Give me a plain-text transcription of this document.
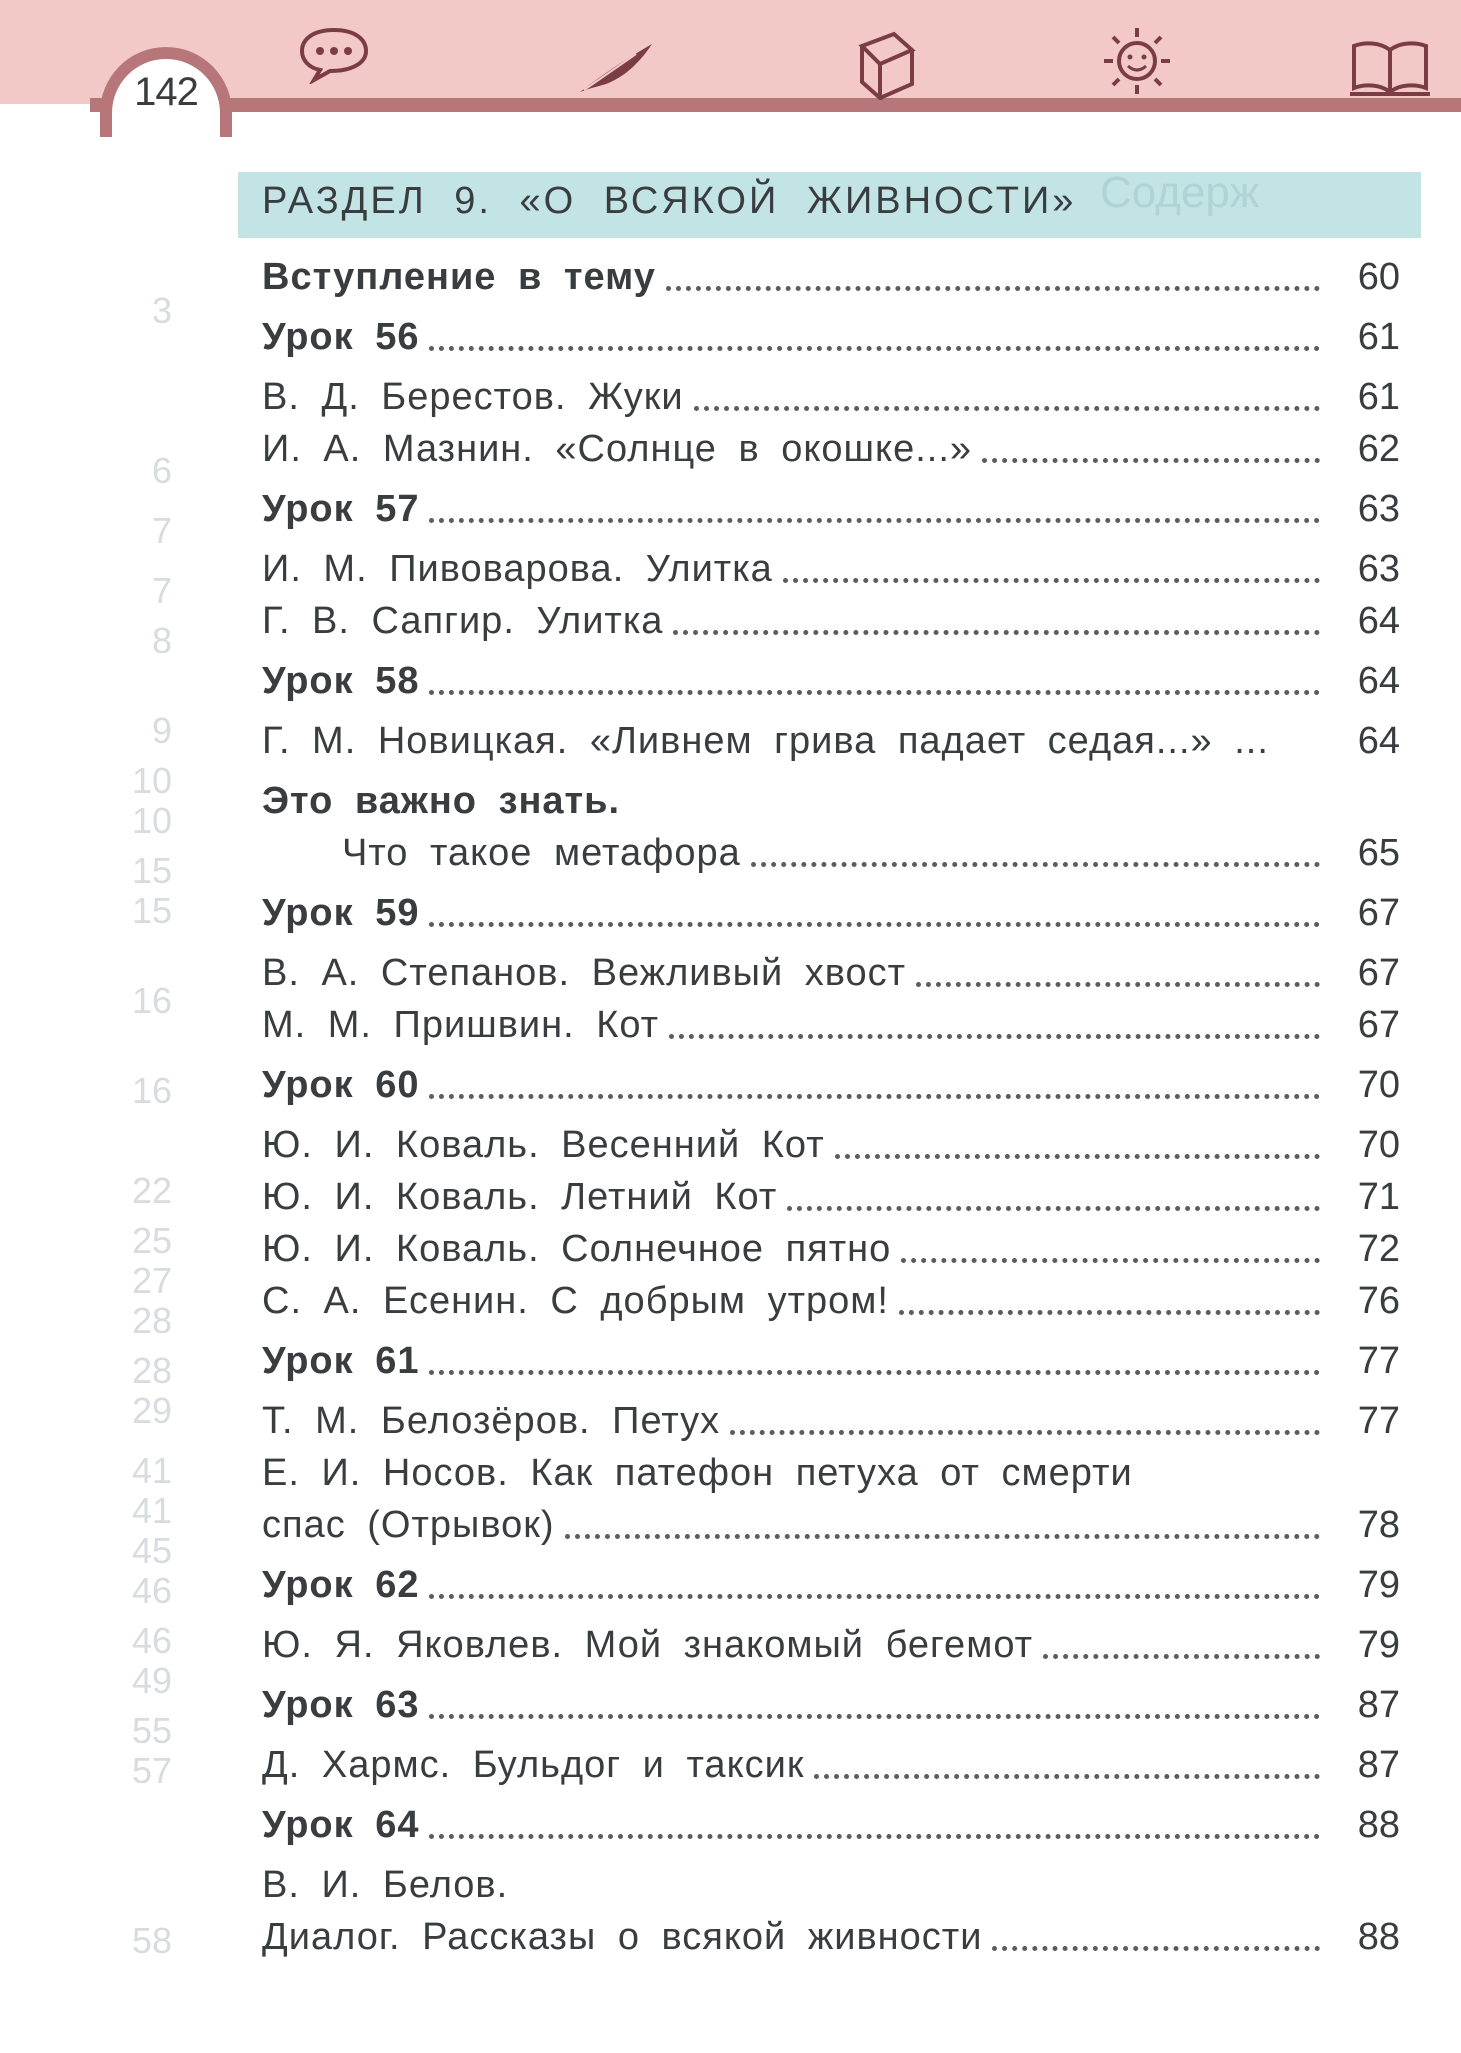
142
Содерж
РАЗДЕЛ 9. «О ВСЯКОЙ ЖИВНОСТИ»
3
6
7
7
8
9
10
10
15
15
16
16
22
25
27
28
28
29
41
41
45
46
46
49
55
57
58
Вступление в тему	60
Урок 56	61
В. Д. Берестов. Жуки	61
И. А. Мазнин. «Солнце в окошке...»	62
Урок 57	63
И. М. Пивоварова. Улитка	63
Г. В. Сапгир. Улитка	64
Урок 58	64
Г. М. Новицкая. «Ливнем грива падает седая...» ...	64
Это важно знать.
Что такое метафора	65
Урок 59	67
В. А. Степанов. Вежливый хвост	67
М. М. Пришвин. Кот	67
Урок 60	70
Ю. И. Коваль. Весенний Кот	70
Ю. И. Коваль. Летний Кот	71
Ю. И. Коваль. Солнечное пятно	72
С. А. Есенин. С добрым утром!	76
Урок 61	77
Т. М. Белозёров. Петух	77
Е. И. Носов. Как патефон петуха от смерти
спас (Отрывок)	78
Урок 62	79
Ю. Я. Яковлев. Мой знакомый бегемот	79
Урок 63	87
Д. Хармс. Бульдог и таксик	87
Урок 64	88
В. И. Белов.
Диалог. Рассказы о всякой живности	88
